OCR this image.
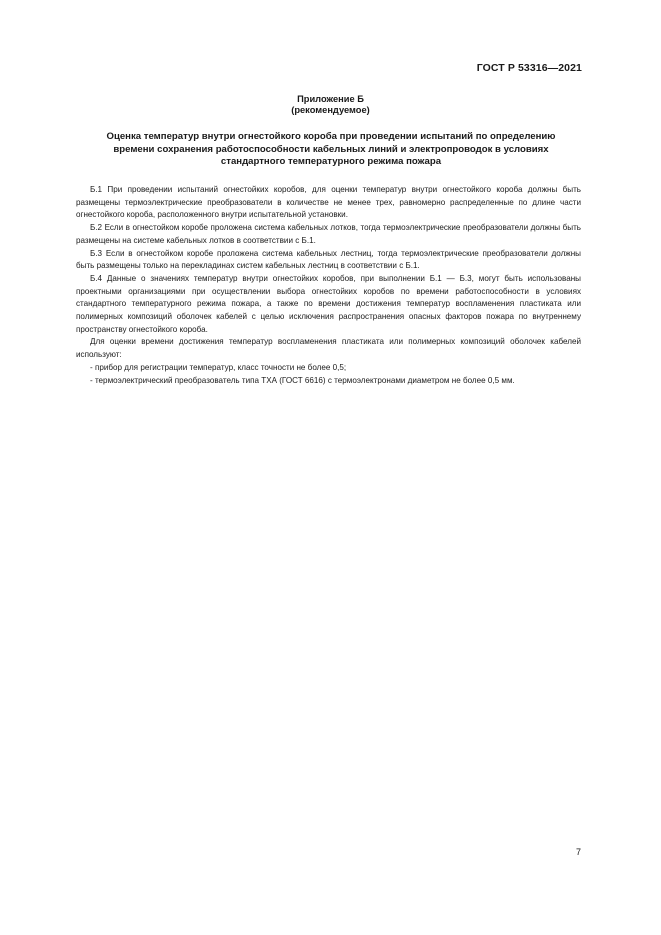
ГОСТ Р 53316—2021
Приложение Б
(рекомендуемое)
Оценка температур внутри огнестойкого короба при проведении испытаний по определению времени сохранения работоспособности кабельных линий и электропроводок в условиях стандартного температурного режима пожара

Б.1 При проведении испытаний огнестойких коробов, для оценки температур внутри огнестойкого короба должны быть размещены термоэлектрические преобразователи в количестве не менее трех, равномерно распределенные по длине части огнестойкого короба, расположенного внутри испытательной установки.

Б.2 Если в огнестойком коробе проложена система кабельных лотков, тогда термоэлектрические преобразователи должны быть размещены на системе кабельных лотков в соответствии с Б.1.

Б.3 Если в огнестойком коробе проложена система кабельных лестниц, тогда термоэлектрические преобразователи должны быть размещены только на перекладинах систем кабельных лестниц в соответствии с Б.1.

Б.4 Данные о значениях температур внутри огнестойких коробов, при выполнении Б.1 — Б.3, могут быть использованы проектными организациями при осуществлении выбора огнестойких коробов по времени работоспособности в условиях стандартного температурного режима пожара, а также по времени достижения температур воспламенения пластиката или полимерных композиций оболочек кабелей с целью исключения распространения опасных факторов пожара по внутреннему пространству огнестойкого короба.

Для оценки времени достижения температур воспламенения пластиката или полимерных композиций оболочек кабелей используют:

- прибор для регистрации температур, класс точности не более 0,5;

- термоэлектрический преобразователь типа ТХА (ГОСТ 6616) с термоэлектронами диаметром не более 0,5 мм.

7
